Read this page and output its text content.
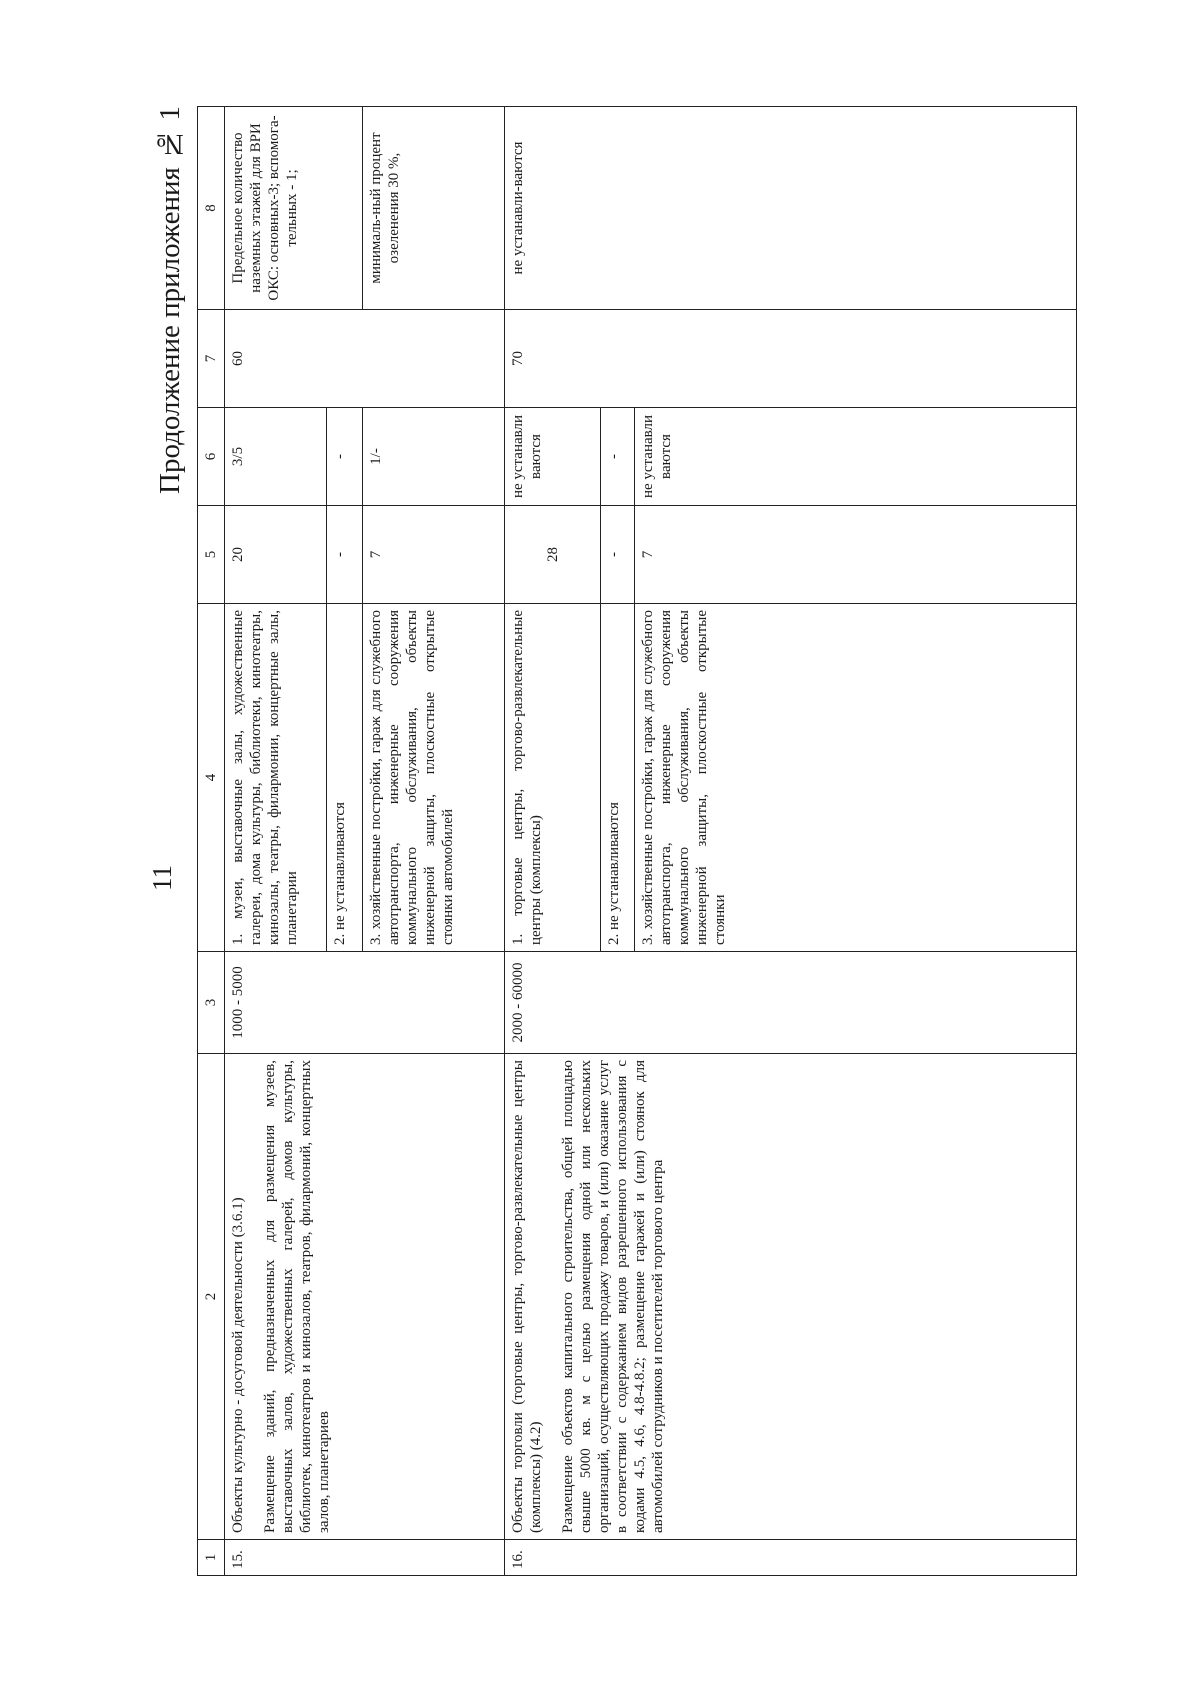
Продолжение приложения № 1
11
1	2	3	4	5	6	7	8
15.	Объекты культурно - досуговой деятельности (3.6.1) Размещение зданий, предназначенных для размещения музеев, выставочных залов, художественных галерей, домов культуры, библиотек, кинотеатров и кинозалов, театров, филармоний, концертных залов, планетариев	1000 - 5000	1. музеи, выставочные залы, художественные галереи, дома культуры, библиотеки, кинотеатры, кинозалы, театры, филармонии, концертные залы, планетарии	20	3/5	60	Предельное количество наземных этажей для ВРИ ОКС: основных-3; вспомога-тельных - 1;
			2. не устанавливаются	-	-		
			3. хозяйственные постройки, гараж для служебного автотранспорта, инженерные сооружения коммунального обслуживания, объекты инженерной защиты, плоскостные открытые стоянки автомобилей	7	1/-		минималь-ный процент озеленения 30 %,
16.	Объекты торговли (торговые центры, торгово-развлекательные центры (комплексы) (4.2) Размещение объектов капитального строительства, общей площадью свыше 5000 кв. м с целью размещения одной или нескольких организаций, осуществляющих продажу товаров, и (или) оказание услуг в соответствии с содержанием видов разрешенного использования с кодами 4.5, 4.6, 4.8-4.8.2; размещение гаражей и (или) стоянок для автомобилей сотрудников и посетителей торгового центра	2000 - 60000	1. торговые центры, торгово-развлекательные центры (комплексы)	28	не устанавли ваются	70	не устанавли-ваются
			2. не устанавливаются	-	-		
			3. хозяйственные постройки, гараж для служебного автотранспорта, инженерные сооружения коммунального обслуживания, объекты инженерной защиты, плоскостные открытые стоянки	7	не устанавли ваются		
